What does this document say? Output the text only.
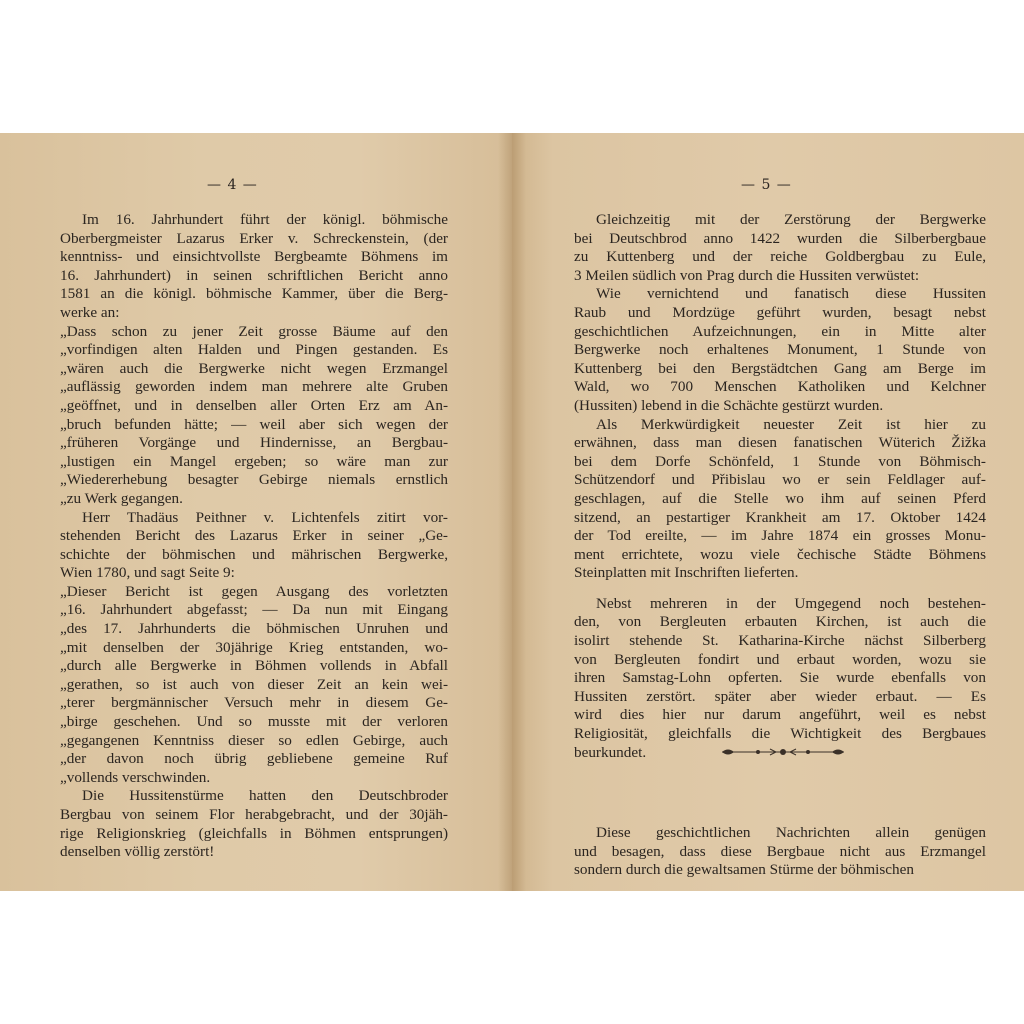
— 4 —

Im 16. Jahrhundert führt der königl. böhmische
Oberbergmeister Lazarus Erker v. Schreckenstein, (der
kenntniss- und einsichtvollste Bergbeamte Böhmens im
16. Jahrhundert) in seinen schriftlichen Bericht anno
1581 an die königl. böhmische Kammer, über die Berg-
werke an:

„Dass schon zu jener Zeit grosse Bäume auf den
„vorfindigen alten Halden und Pingen gestanden. Es
„wären auch die Bergwerke nicht wegen Erzmangel
„auflässig geworden indem man mehrere alte Gruben
„geöffnet, und in denselben aller Orten Erz am An-
„bruch befunden hätte; — weil aber sich wegen der
„früheren Vorgänge und Hindernisse, an Bergbau-
„lustigen ein Mangel ergeben; so wäre man zur
„Wiedererhebung besagter Gebirge niemals ernstlich
„zu Werk gegangen.

Herr Thadäus Peithner v. Lichtenfels zitirt vor-
stehenden Bericht des Lazarus Erker in seiner „Ge-
schichte der böhmischen und mährischen Bergwerke,
Wien 1780, und sagt Seite 9:

„Dieser Bericht ist gegen Ausgang des vorletzten
„16. Jahrhundert abgefasst; — Da nun mit Eingang
„des 17. Jahrhunderts die böhmischen Unruhen und
„mit denselben der 30jährige Krieg entstanden, wo-
„durch alle Bergwerke in Böhmen vollends in Abfall
„gerathen, so ist auch von dieser Zeit an kein wei-
„terer bergmännischer Versuch mehr in diesem Ge-
„birge geschehen. Und so musste mit der verloren
„gegangenen Kenntniss dieser so edlen Gebirge, auch
„der davon noch übrig gebliebene gemeine Ruf
„vollends verschwinden.

Die Hussitenstürme hatten den Deutschbroder
Bergbau von seinem Flor herabgebracht, und der 30jäh-
rige Religionskrieg (gleichfalls in Böhmen entsprungen)
denselben völlig zerstört!

— 5 —

Gleichzeitig mit der Zerstörung der Bergwerke
bei Deutschbrod anno 1422 wurden die Silberbergbaue
zu Kuttenberg und der reiche Goldbergbau zu Eule,
3 Meilen südlich von Prag durch die Hussiten verwüstet:

Wie vernichtend und fanatisch diese Hussiten
Raub und Mordzüge geführt wurden, besagt nebst
geschichtlichen Aufzeichnungen, ein in Mitte alter
Bergwerke noch erhaltenes Monument, 1 Stunde von
Kuttenberg bei den Bergstädtchen Gang am Berge im
Wald, wo 700 Menschen Katholiken und Kelchner
(Hussiten) lebend in die Schächte gestürzt wurden.

Als Merkwürdigkeit neuester Zeit ist hier zu
erwähnen, dass man diesen fanatischen Wüterich Žižka
bei dem Dorfe Schönfeld, 1 Stunde von Böhmisch-
Schützendorf und Přibislau wo er sein Feldlager auf-
geschlagen, auf die Stelle wo ihm auf seinen Pferd
sitzend, an pestartiger Krankheit am 17. Oktober 1424
der Tod ereilte, — im Jahre 1874 ein grosses Monu-
ment errichtete, wozu viele čechische Städte Böhmens
Steinplatten mit Inschriften lieferten.

Nebst mehreren in der Umgegend noch bestehen-
den, von Bergleuten erbauten Kirchen, ist auch die
isolirt stehende St. Katharina-Kirche nächst Silberberg
von Bergleuten fondirt und erbaut worden, wozu sie
ihren Samstag-Lohn opferten. Sie wurde ebenfalls von
Hussiten zerstört. später aber wieder erbaut. — Es
wird dies hier nur darum angeführt, weil es nebst
Religiosität, gleichfalls die Wichtigkeit des Bergbaues
beurkundet.

Diese geschichtlichen Nachrichten allein genügen
und besagen, dass diese Bergbaue nicht aus Erzmangel
sondern durch die gewaltsamen Stürme der böhmischen
